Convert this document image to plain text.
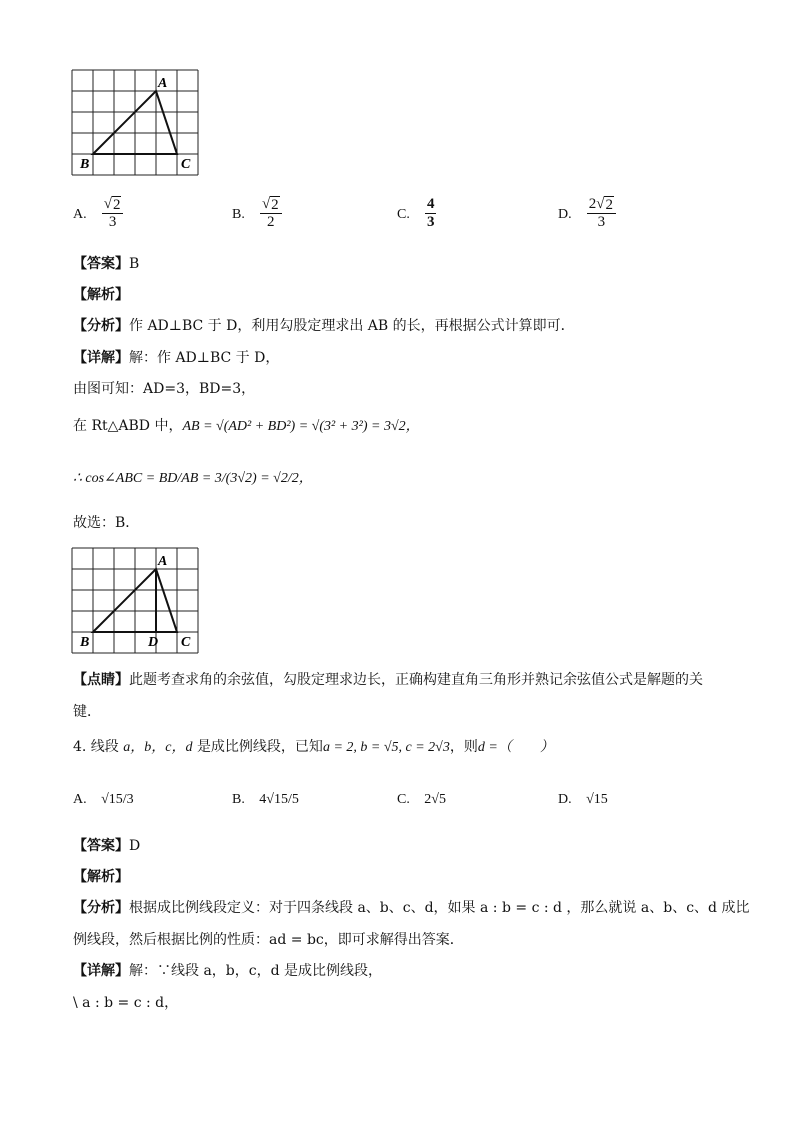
A
B	C
A. $\frac{√ 2}{3}$	B. $\frac{√ 2}{2}$	C. $\frac{4}{3}$	D. $\frac{2 √ 2}{3}$
【答案】B
【解析】
【分析】作 AD⊥BC 于 D，利用勾股定理求出 AB 的长，再根据公式计算即可．
【详解】解：作 AD⊥BC 于 D，
由图可知：AD=3，BD=3，
在 Rt△ABD 中，AB = √(AD² + BD²) = √(3² + 3²) = 3√2，
∴ cos∠ABC = BD/AB = 3/(3√2) = √2/2，
故选：B．
A
B	C
D
【点睛】此题考查求角的余弦值，勾股定理求边长，正确构建直角三角形并熟记余弦值公式是解题的关
键．
4. 线段 a，b，c，d 是成比例线段，已知a = 2, b = √5, c = 2√3，则d =（　　）
A. √15/3	B. 4√15/5	C. 2√5	D. √15
【答案】D
【解析】
【分析】根据成比例线段定义：对于四条线段 a、b、c、d，如果 a : b = c : d ，那么就说 a、b、c、d 成比
例线段，然后根据比例的性质：ad = bc，即可求解得出答案．
【详解】解：∵线段 a，b，c，d 是成比例线段，
\ a : b = c : d，
